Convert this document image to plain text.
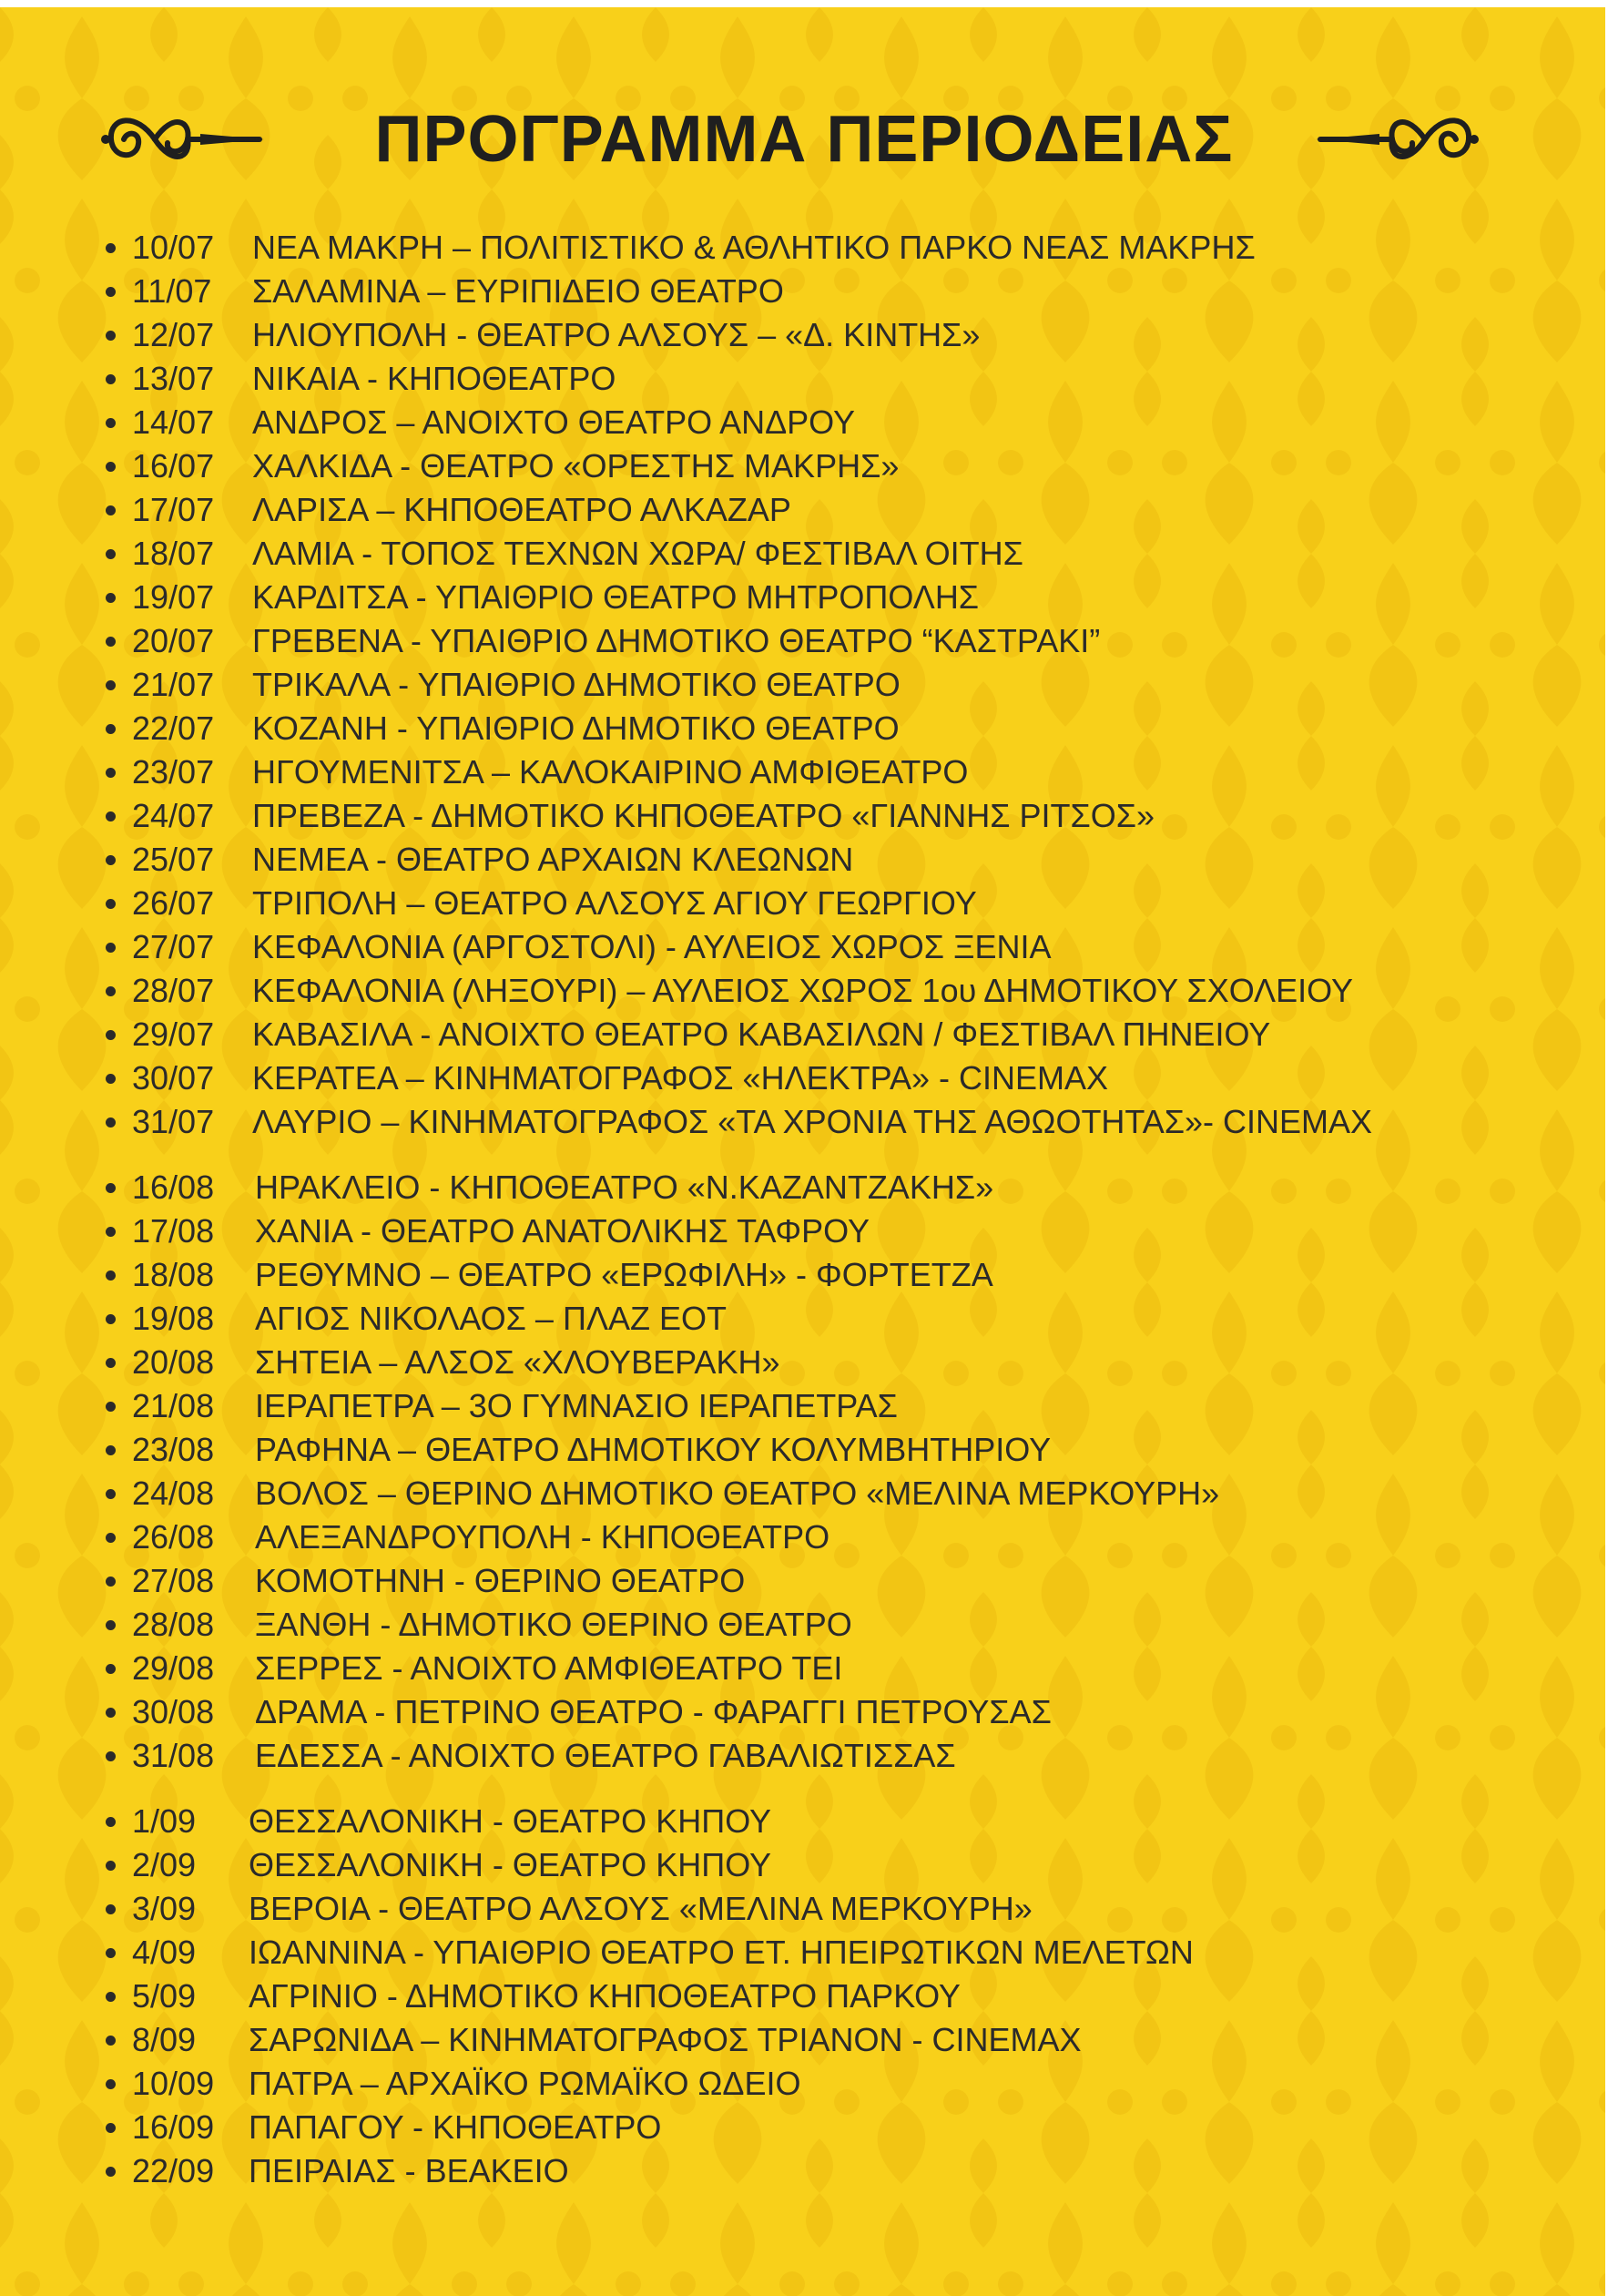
ΠΡΟΓΡΑΜΜΑ ΠΕΡΙΟΔΕΙΑΣ
• 10/07 ΝΕΑ ΜΑΚΡΗ – ΠΟΛΙΤΙΣΤΙΚΟ & ΑΘΛΗΤΙΚΟ ΠΑΡΚΟ ΝΕΑΣ ΜΑΚΡΗΣ
• 11/07 ΣΑΛΑΜΙΝΑ – ΕΥΡΙΠΙΔΕΙΟ ΘΕΑΤΡΟ
• 12/07 ΗΛΙΟΥΠΟΛΗ - ΘΕΑΤΡΟ ΑΛΣΟΥΣ – «Δ. ΚΙΝΤΗΣ»
• 13/07 ΝΙΚΑΙΑ - ΚΗΠΟΘΕΑΤΡΟ
• 14/07 ΑΝΔΡΟΣ – ΑΝΟΙΧΤΟ ΘΕΑΤΡΟ ΑΝΔΡΟΥ
• 16/07 ΧΑΛΚΙΔΑ - ΘΕΑΤΡΟ «ΟΡΕΣΤΗΣ ΜΑΚΡΗΣ»
• 17/07 ΛΑΡΙΣΑ – ΚΗΠΟΘΕΑΤΡΟ ΑΛΚΑΖΑΡ
• 18/07 ΛΑΜΙΑ - ΤΟΠΟΣ ΤΕΧΝΩΝ ΧΩΡΑ/ ΦΕΣΤΙΒΑΛ ΟΙΤΗΣ
• 19/07 ΚΑΡΔΙΤΣΑ - ΥΠΑΙΘΡΙΟ ΘΕΑΤΡΟ ΜΗΤΡΟΠΟΛΗΣ
• 20/07 ΓΡΕΒΕΝΑ - ΥΠΑΙΘΡΙΟ ΔΗΜΟΤΙΚΟ ΘΕΑΤΡΟ “ΚΑΣΤΡΑΚΙ”
• 21/07 ΤΡΙΚΑΛΑ - ΥΠΑΙΘΡΙΟ ΔΗΜΟΤΙΚΟ ΘΕΑΤΡΟ
• 22/07 ΚΟΖΑΝΗ - ΥΠΑΙΘΡΙΟ ΔΗΜΟΤΙΚΟ ΘΕΑΤΡΟ
• 23/07 ΗΓΟΥΜΕΝΙΤΣΑ – ΚΑΛΟΚΑΙΡΙΝΟ ΑΜΦΙΘΕΑΤΡΟ
• 24/07 ΠΡΕΒΕΖΑ - ΔΗΜΟΤΙΚΟ ΚΗΠΟΘΕΑΤΡΟ «ΓΙΑΝΝΗΣ ΡΙΤΣΟΣ»
• 25/07 ΝΕΜΕΑ - ΘΕΑΤΡΟ ΑΡΧΑΙΩΝ ΚΛΕΩΝΩΝ
• 26/07 ΤΡΙΠΟΛΗ – ΘΕΑΤΡΟ ΑΛΣΟΥΣ ΑΓΙΟΥ ΓΕΩΡΓΙΟΥ
• 27/07 ΚΕΦΑΛΟΝΙΑ (ΑΡΓΟΣΤΟΛΙ) - ΑΥΛΕΙΟΣ ΧΩΡΟΣ ΞΕΝΙΑ
• 28/07 ΚΕΦΑΛΟΝΙΑ (ΛΗΞΟΥΡΙ) – ΑΥΛΕΙΟΣ ΧΩΡΟΣ 1ου ΔΗΜΟΤΙΚΟΥ ΣΧΟΛΕΙΟΥ
• 29/07 ΚΑΒΑΣΙΛΑ - ΑΝΟΙΧΤΟ ΘΕΑΤΡΟ ΚΑΒΑΣΙΛΩΝ / ΦΕΣΤΙΒΑΛ ΠΗΝΕΙΟΥ
• 30/07 ΚΕΡΑΤΕΑ – ΚΙΝΗΜΑΤΟΓΡΑΦΟΣ «ΗΛΕΚΤΡΑ» - CINEMAX
• 31/07 ΛΑΥΡΙΟ – ΚΙΝΗΜΑΤΟΓΡΑΦΟΣ «ΤΑ ΧΡΟΝΙΑ ΤΗΣ ΑΘΩΟΤΗΤΑΣ»- CINEMAX
• 16/08 ΗΡΑΚΛΕΙΟ - ΚΗΠΟΘΕΑΤΡΟ «Ν.ΚΑΖΑΝΤΖΑΚΗΣ»
• 17/08 ΧΑΝΙΑ - ΘΕΑΤΡΟ ΑΝΑΤΟΛΙΚΗΣ ΤΑΦΡΟΥ
• 18/08 ΡΕΘΥΜΝΟ – ΘΕΑΤΡΟ «ΕΡΩΦΙΛΗ» - ΦΟΡΤΕΤΖΑ
• 19/08 ΑΓΙΟΣ ΝΙΚΟΛΑΟΣ – ΠΛΑΖ ΕΟΤ
• 20/08 ΣΗΤΕΙΑ – ΑΛΣΟΣ «ΧΛΟΥΒΕΡΑΚΗ»
• 21/08 ΙΕΡΑΠΕΤΡΑ – 3Ο ΓΥΜΝΑΣΙΟ ΙΕΡΑΠΕΤΡΑΣ
• 23/08 ΡΑΦΗΝΑ – ΘΕΑΤΡΟ ΔΗΜΟΤΙΚΟΥ ΚΟΛΥΜΒΗΤΗΡΙΟΥ
• 24/08 ΒΟΛΟΣ – ΘΕΡΙΝΟ ΔΗΜΟΤΙΚΟ ΘΕΑΤΡΟ «ΜΕΛΙΝΑ ΜΕΡΚΟΥΡΗ»
• 26/08 ΑΛΕΞΑΝΔΡΟΥΠΟΛΗ - ΚΗΠΟΘΕΑΤΡΟ
• 27/08 ΚΟΜΟΤΗΝΗ - ΘΕΡΙΝΟ ΘΕΑΤΡΟ
• 28/08 ΞΑΝΘΗ - ΔΗΜΟΤΙΚΟ ΘΕΡΙΝΟ ΘΕΑΤΡΟ
• 29/08 ΣΕΡΡΕΣ - ΑΝΟΙΧΤΟ ΑΜΦΙΘΕΑΤΡΟ ΤΕΙ
• 30/08 ΔΡΑΜΑ - ΠΕΤΡΙΝΟ ΘΕΑΤΡΟ - ΦΑΡΑΓΓΙ ΠΕΤΡΟΥΣΑΣ
• 31/08 ΕΔΕΣΣΑ - ΑΝΟΙΧΤΟ ΘΕΑΤΡΟ ΓΑΒΑΛΙΩΤΙΣΣΑΣ
• 1/09 ΘΕΣΣΑΛΟΝΙΚΗ - ΘΕΑΤΡΟ ΚΗΠΟΥ
• 2/09 ΘΕΣΣΑΛΟΝΙΚΗ - ΘΕΑΤΡΟ ΚΗΠΟΥ
• 3/09 ΒΕΡΟΙΑ - ΘΕΑΤΡΟ ΑΛΣΟΥΣ «ΜΕΛΙΝΑ ΜΕΡΚΟΥΡΗ»
• 4/09 ΙΩΑΝΝΙΝΑ - ΥΠΑΙΘΡΙΟ ΘΕΑΤΡΟ ΕΤ. ΗΠΕΙΡΩΤΙΚΩΝ ΜΕΛΕΤΩΝ
• 5/09 ΑΓΡΙΝΙΟ - ΔΗΜΟΤΙΚΟ ΚΗΠΟΘΕΑΤΡΟ ΠΑΡΚΟΥ
• 8/09 ΣΑΡΩΝΙΔΑ – ΚΙΝΗΜΑΤΟΓΡΑΦΟΣ ΤΡΙΑΝΟΝ - CINEMAX
• 10/09 ΠΑΤΡΑ – ΑΡΧΑΪΚΟ ΡΩΜΑΪΚΟ ΩΔΕΙΟ
• 16/09 ΠΑΠΑΓΟΥ - ΚΗΠΟΘΕΑΤΡΟ
• 22/09 ΠΕΙΡΑΙΑΣ - ΒΕΑΚΕΙΟ
